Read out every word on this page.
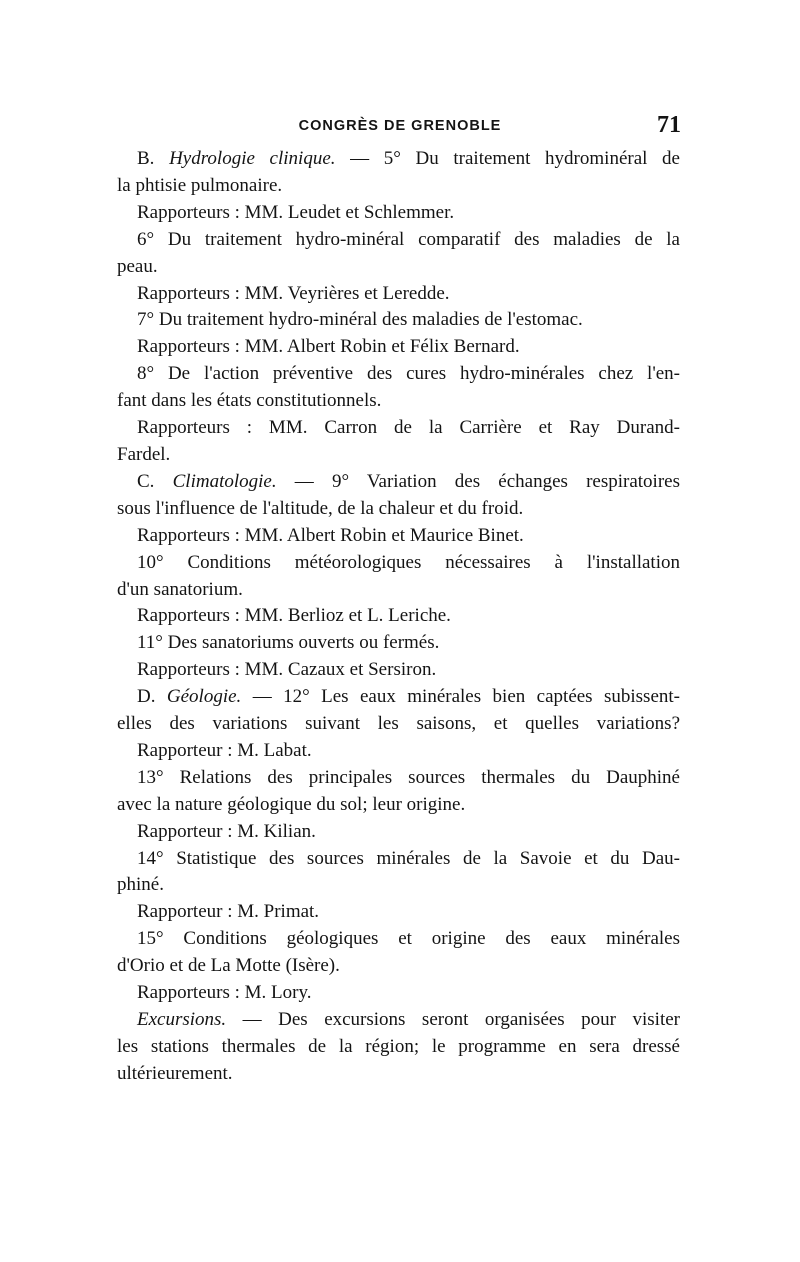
CONGRÈS DE GRENOBLE	71
B. Hydrologie clinique. — 5° Du traitement hydrominéral de
la phtisie pulmonaire.
Rapporteurs : MM. Leudet et Schlemmer.
6° Du traitement hydro-minéral comparatif des maladies de la
peau.
Rapporteurs : MM. Veyrières et Leredde.
7° Du traitement hydro-minéral des maladies de l'estomac.
Rapporteurs : MM. Albert Robin et Félix Bernard.
8° De l'action préventive des cures hydro-minérales chez l'en-
fant dans les états constitutionnels.
Rapporteurs : MM. Carron de la Carrière et Ray Durand-
Fardel.
C. Climatologie. — 9° Variation des échanges respiratoires
sous l'influence de l'altitude, de la chaleur et du froid.
Rapporteurs : MM. Albert Robin et Maurice Binet.
10° Conditions météorologiques nécessaires à l'installation
d'un sanatorium.
Rapporteurs : MM. Berlioz et L. Leriche.
11° Des sanatoriums ouverts ou fermés.
Rapporteurs : MM. Cazaux et Sersiron.
D. Géologie. — 12° Les eaux minérales bien captées subissent-
elles des variations suivant les saisons, et quelles variations?
Rapporteur : M. Labat.
13° Relations des principales sources thermales du Dauphiné
avec la nature géologique du sol; leur origine.
Rapporteur : M. Kilian.
14° Statistique des sources minérales de la Savoie et du Dau-
phiné.
Rapporteur : M. Primat.
15° Conditions géologiques et origine des eaux minérales
d'Orio et de La Motte (Isère).
Rapporteurs : M. Lory.
Excursions. — Des excursions seront organisées pour visiter
les stations thermales de la région; le programme en sera dressé
ultérieurement.
